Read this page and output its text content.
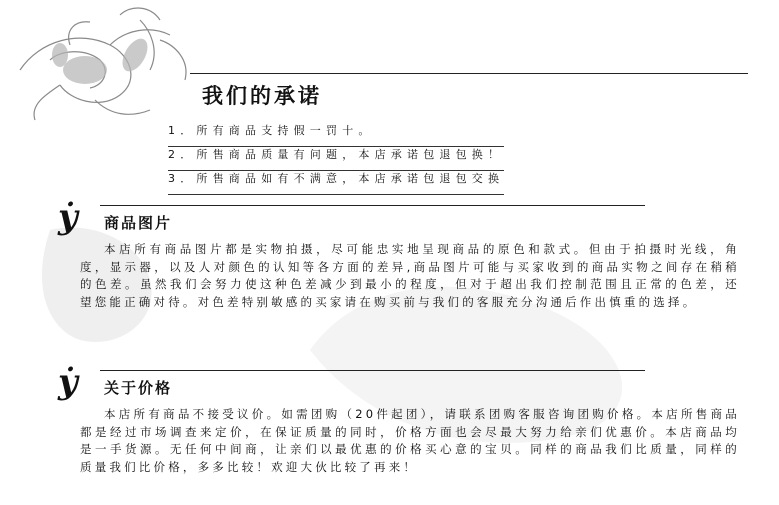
我们的承诺
1．所有商品支持假一罚十。
2．所售商品质量有问题，本店承诺包退包换！
3．所售商品如有不满意，本店承诺包退包交换
ẏ 商品图片

本店所有商品图片都是实物拍摄，尽可能忠实地呈现商品的原色和款式。但由于拍摄时光线，角度，显示器，以及人对颜色的认知等各方面的差异,商品图片可能与买家收到的商品实物之间存在稍稍的色差。虽然我们会努力使这种色差减少到最小的程度，但对于超出我们控制范围且正常的色差，还望您能正确对待。对色差特别敏感的买家请在购买前与我们的客服充分沟通后作出慎重的选择。

ẏ 关于价格

本店所有商品不接受议价。如需团购（20件起团），请联系团购客服咨询团购价格。本店所售商品都是经过市场调查来定价，在保证质量的同时，价格方面也会尽最大努力给亲们优惠价。本店商品均是一手货源。无任何中间商，让亲们以最优惠的价格买心意的宝贝。同样的商品我们比质量，同样的质量我们比价格，多多比较！欢迎大伙比较了再来！
